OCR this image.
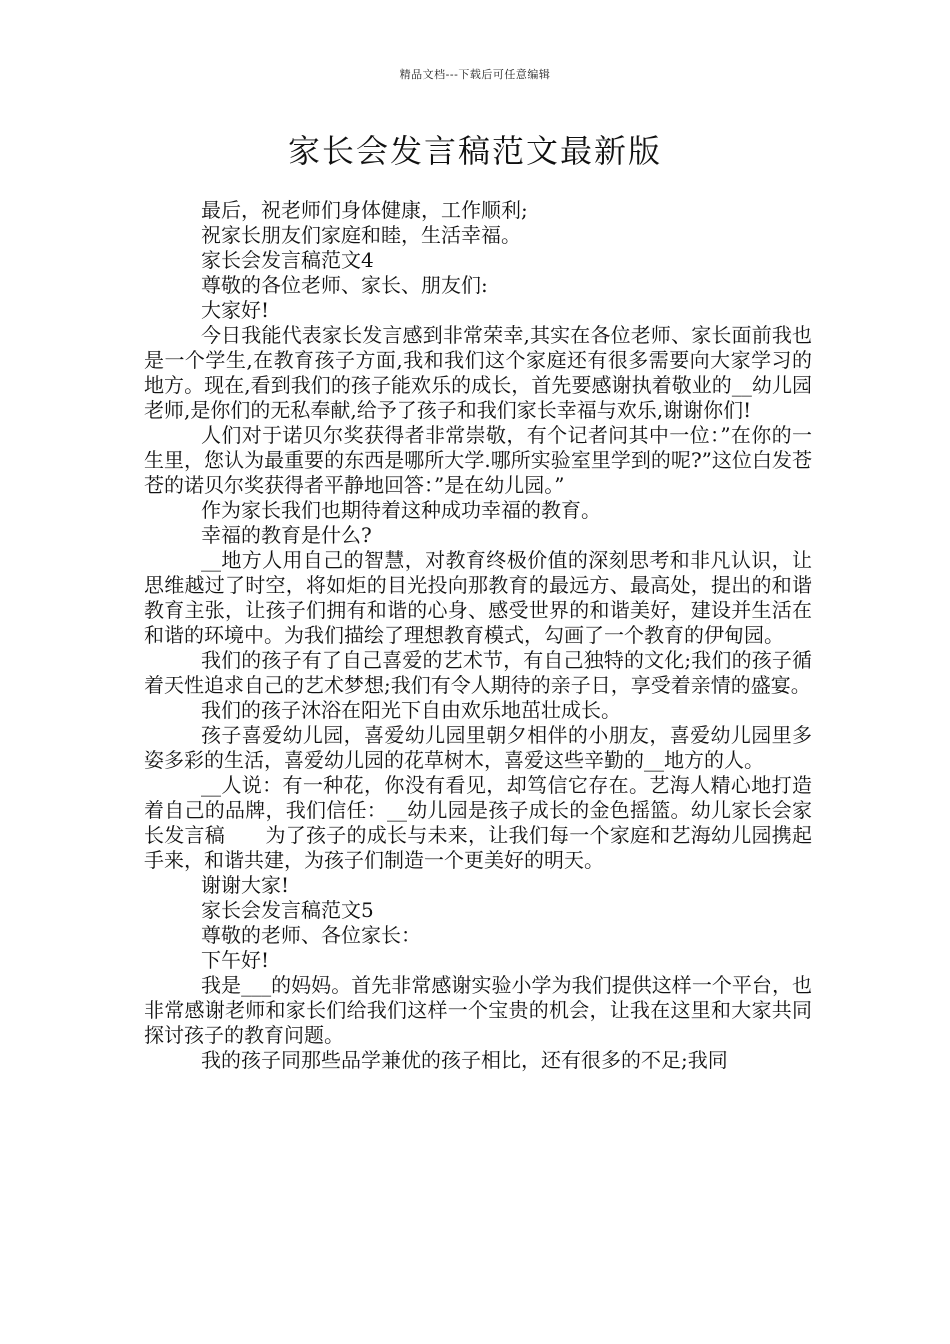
精品文档---下载后可任意编辑
家长会发言稿范文最新版

最后，祝老师们身体健康，工作顺利;

祝家长朋友们家庭和睦，生活幸福。

家长会发言稿范文4

尊敬的各位老师、家长、朋友们:

大家好!

今日我能代表家长发言感到非常荣幸,其实在各位老师、家长面前我也是一个学生,在教育孩子方面,我和我们这个家庭还有很多需要向大家学习的地方。现在,看到我们的孩子能欢乐的成长，首先要感谢执着敬业的__幼儿园老师,是你们的无私奉献,给予了孩子和我们家长幸福与欢乐,谢谢你们!

人们对于诺贝尔奖获得者非常崇敬，有个记者问其中一位：”在你的一生里，您认为最重要的东西是哪所大学.哪所实验室里学到的呢?”这位白发苍苍的诺贝尔奖获得者平静地回答：”是在幼儿园。”

作为家长我们也期待着这种成功幸福的教育。

幸福的教育是什么?

__地方人用自己的智慧，对教育终极价值的深刻思考和非凡认识，让思维越过了时空，将如炬的目光投向那教育的最远方、最高处，提出的和谐教育主张，让孩子们拥有和谐的心身、感受世界的和谐美好，建设并生活在和谐的环境中。为我们描绘了理想教育模式，勾画了一个教育的伊甸园。

我们的孩子有了自己喜爱的艺术节，有自己独特的文化;我们的孩子循着天性追求自己的艺术梦想;我们有令人期待的亲子日，享受着亲情的盛宴。

我们的孩子沐浴在阳光下自由欢乐地茁壮成长。

孩子喜爱幼儿园，喜爱幼儿园里朝夕相伴的小朋友，喜爱幼儿园里多姿多彩的生活，喜爱幼儿园的花草树木，喜爱这些辛勤的__地方的人。

__人说：有一种花，你没有看见，却笃信它存在。艺海人精心地打造着自己的品牌，我们信任：__幼儿园是孩子成长的金色摇篮。幼儿家长会家长发言稿　　为了孩子的成长与未来，让我们每一个家庭和艺海幼儿园携起手来，和谐共建，为孩子们制造一个更美好的明天。

谢谢大家!

家长会发言稿范文5

尊敬的老师、各位家长：

下午好!

我是___的妈妈。首先非常感谢实验小学为我们提供这样一个平台，也非常感谢老师和家长们给我们这样一个宝贵的机会，让我在这里和大家共同探讨孩子的教育问题。

我的孩子同那些品学兼优的孩子相比，还有很多的不足;我同
